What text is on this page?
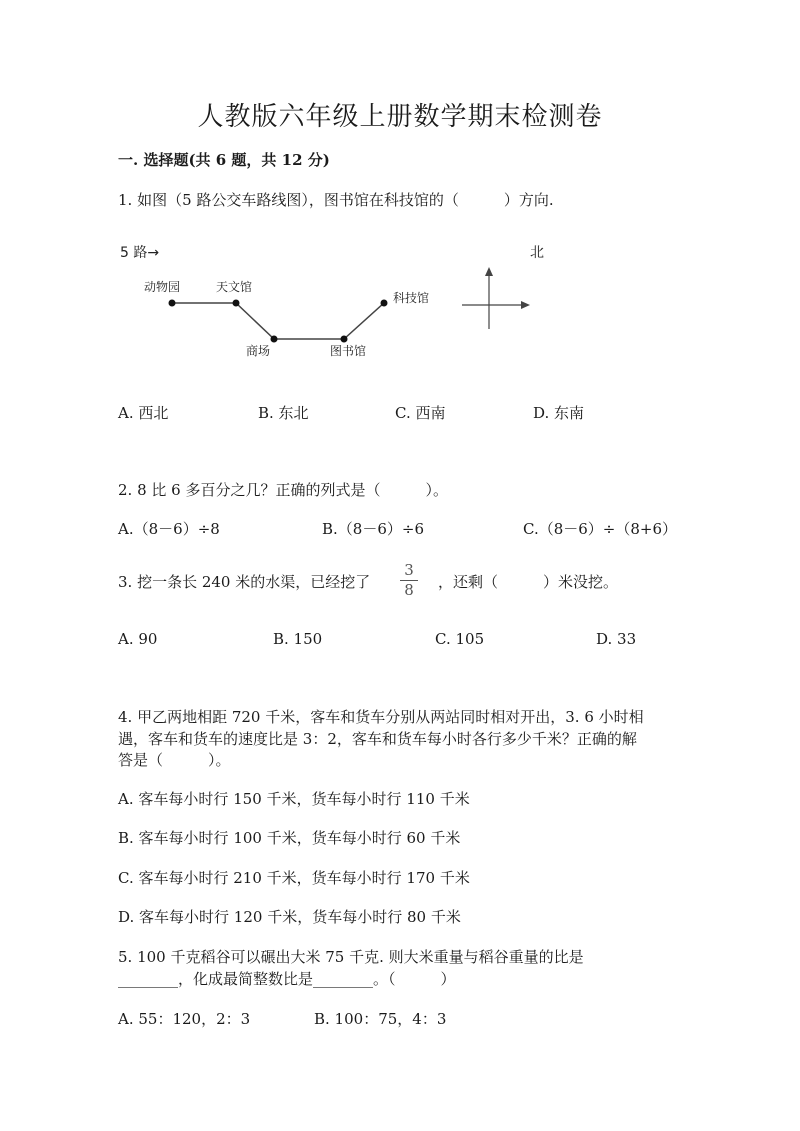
人教版六年级上册数学期末检测卷
一. 选择题(共 6 题，共 12 分)
1. 如图（5 路公交车路线图），图书馆在科技馆的（　　　）方向.
5 路→	北
动物园	天文馆
商场	图书馆
科技馆
A. 西北	B. 东北	C. 西南	D. 东南
2. 8 比 6 多百分之几？正确的列式是（　　　）。
A.（8－6）÷8	B.（8－6）÷6	C.（8－6）÷（8+6）
3. 挖一条长 240 米的水渠，已经挖了
3
8	，还剩（　　　）米没挖。
A. 90	B. 150	C. 105	D. 33
4. 甲乙两地相距 720 千米，客车和货车分别从两站同时相对开出，3. 6 小时相
遇，客车和货车的速度比是 3：2，客车和货车每小时各行多少千米？正确的解
答是（　　　）。
A. 客车每小时行 150 千米，货车每小时行 110 千米
B. 客车每小时行 100 千米，货车每小时行 60 千米
C. 客车每小时行 210 千米，货车每小时行 170 千米
D. 客车每小时行 120 千米，货车每小时行 80 千米
5. 100 千克稻谷可以碾出大米 75 千克. 则大米重量与稻谷重量的比是
________，化成最简整数比是________。（　　　）
A. 55：120，2：3	B. 100：75，4：3
